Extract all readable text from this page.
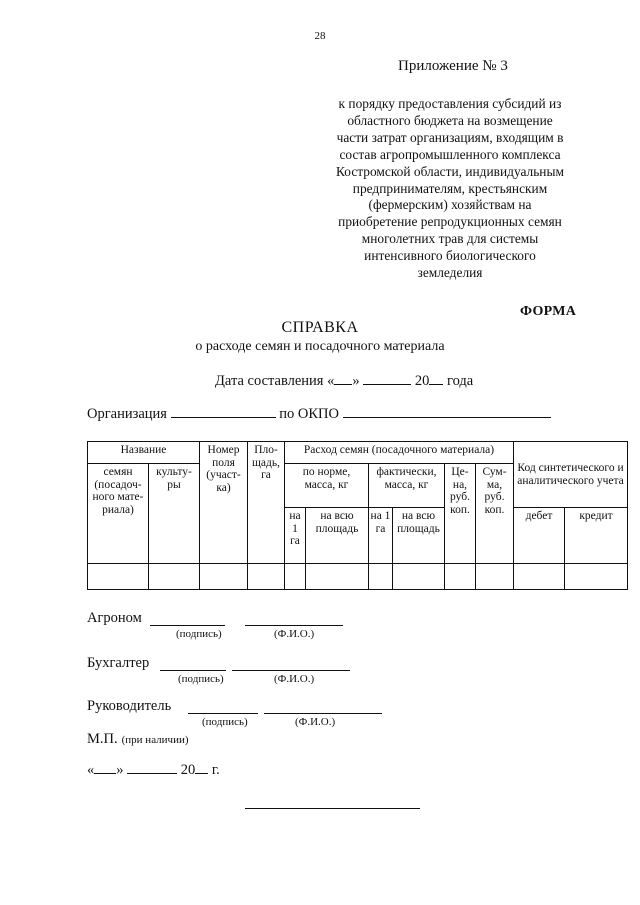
28
Приложение № 3
к порядку предоставления субсидий из
областного бюджета на возмещение
части затрат организациям, входящим в
состав агропромышленного комплекса
Костромской области, индивидуальным
предпринимателям, крестьянским
(фермерским) хозяйствам на
приобретение репродукционных семян
многолетних трав для системы
интенсивного биологического
земледелия
ФОРМА
СПРАВКА
о расходе семян и посадочного материала
Дата составления « »	20 года
Организация	по ОКПО
Название		Номер поля (участ-ка)	Пло-щадь, га	Расход семян (посадочного материала)						Код синтетического и аналитического учета	
семян (посадоч-ного мате-риала)	культу-ры			по норме, масса, кг		фактически, масса, кг		Це-на, руб. коп.	Сум-ма, руб. коп.		
				на 1 га	на всю площадь	на 1 га	на всю площадь			дебет	кредит

Агроном
(подпись)	(Ф.И.О.)
Бухгалтер
(подпись)	(Ф.И.О.)
Руководитель
(подпись)	(Ф.И.О.)
М.П. (при наличии)
« »	20 г.
